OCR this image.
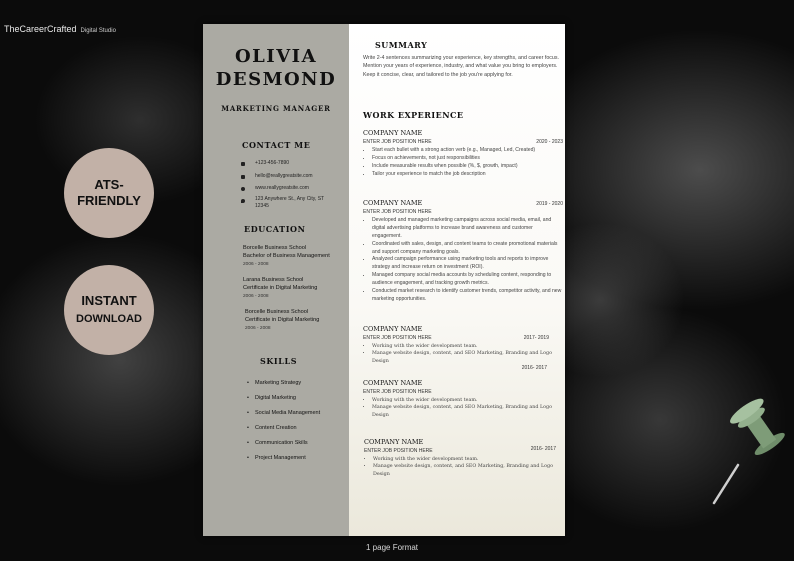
TheCareerCrafted Digital Studio
ATS-
FRIENDLY
INSTANT
DOWNLOAD
OLIVIA
DESMOND
MARKETING MANAGER
CONTACT ME
+123-456-7890
hello@reallygreatsite.com
www.reallygreatsite.com
123 Anywhere St., Any City, ST 12345
EDUCATION
Borcelle Business School
Bachelor of Business Management
2006 - 2008
Larana Business School
Certificate in Digital Marketing
2006 - 2008
Borcelle Business School
Certificate in Digital Marketing
2006 - 2008
SKILLS
• Marketing Strategy
• Digital Marketing
• Social Media Management
• Content Creation
• Communication Skills
• Project Management
SUMMARY
Write 2-4 sentences summarizing your experience, key strengths, and career focus.
Mention your years of experience, industry, and what value you bring to employers.
Keep it concise, clear, and tailored to the job you're applying for.
WORK EXPERIENCE
COMPANY NAME
ENTER JOB POSITION HERE	2020 - 2023
• Start each bullet with a strong action verb (e.g., Managed, Led, Created)
• Focus on achievements, not just responsibilities
• Include measurable results when possible (%, $, growth, impact)
• Tailor your experience to match the job description
COMPANY NAME
ENTER JOB POSITION HERE
2019 - 2020
• Developed and managed marketing campaigns across social media, email, and digital advertising platforms to increase brand awareness and customer engagement.
• Coordinated with sales, design, and content teams to create promotional materials and support company marketing goals.
• Analyzed campaign performance using marketing tools and reports to improve strategy and increase return on investment (ROI).
• Managed company social media accounts by scheduling content, responding to audience engagement, and tracking growth metrics.
• Conducted market research to identify customer trends, competitor activity, and new marketing opportunities.
COMPANY NAME
ENTER JOB POSITION HERE	2017- 2019
• Working with the wider development team.
• Manage website design, content, and SEO Marketing, Branding and Logo Design
COMPANY NAME
ENTER JOB POSITION HERE
2016- 2017
• Working with the wider development team.
• Manage website design, content, and SEO Marketing, Branding and Logo Design
COMPANY NAME
ENTER JOB POSITION HERE	2016- 2017
• Working with the wider development team.
• Manage website design, content, and SEO Marketing, Branding and Logo Design
1 page Format
